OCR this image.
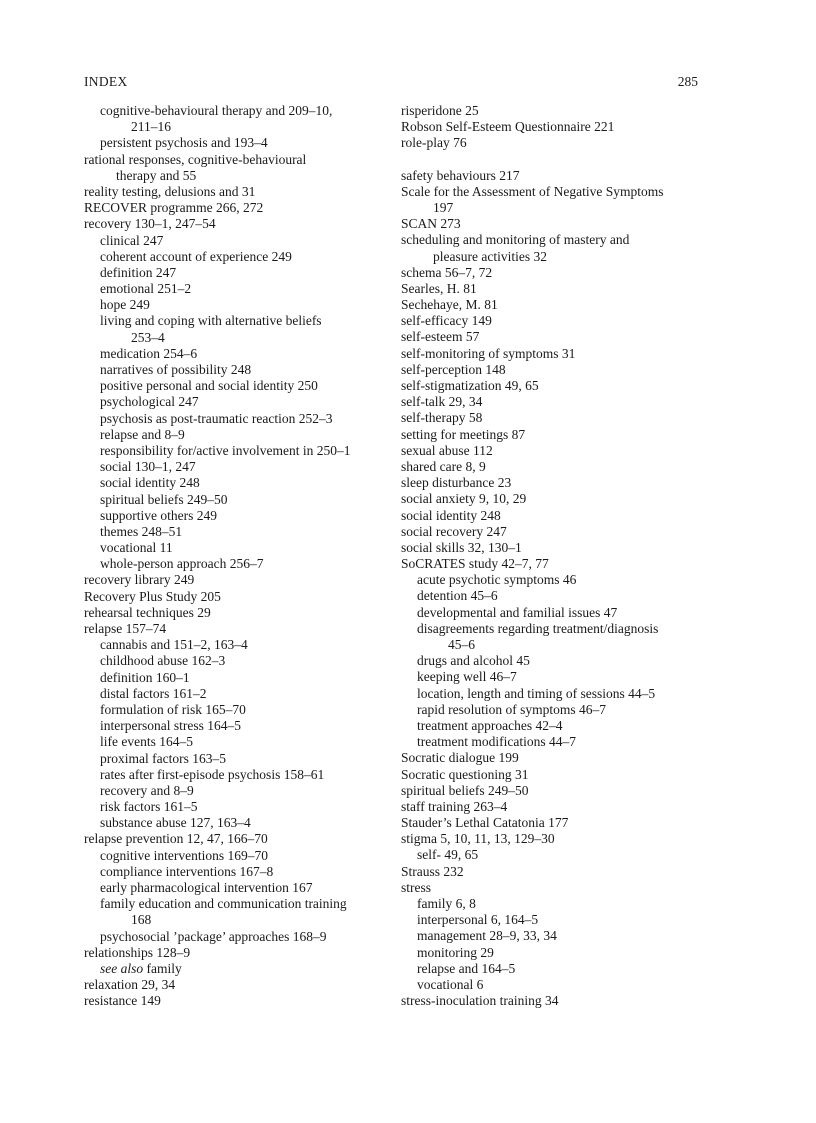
INDEX	285
cognitive-behavioural therapy and 209–10,
211–16
persistent psychosis and 193–4
rational responses, cognitive-behavioural
therapy and 55
reality testing, delusions and 31
RECOVER programme 266, 272
recovery 130–1, 247–54
clinical 247
coherent account of experience 249
definition 247
emotional 251–2
hope 249
living and coping with alternative beliefs
253–4
medication 254–6
narratives of possibility 248
positive personal and social identity 250
psychological 247
psychosis as post-traumatic reaction 252–3
relapse and 8–9
responsibility for/active involvement in 250–1
social 130–1, 247
social identity 248
spiritual beliefs 249–50
supportive others 249
themes 248–51
vocational 11
whole-person approach 256–7
recovery library 249
Recovery Plus Study 205
rehearsal techniques 29
relapse 157–74
cannabis and 151–2, 163–4
childhood abuse 162–3
definition 160–1
distal factors 161–2
formulation of risk 165–70
interpersonal stress 164–5
life events 164–5
proximal factors 163–5
rates after first-episode psychosis 158–61
recovery and 8–9
risk factors 161–5
substance abuse 127, 163–4
relapse prevention 12, 47, 166–70
cognitive interventions 169–70
compliance interventions 167–8
early pharmacological intervention 167
family education and communication training
168
psychosocial ’package’ approaches 168–9
relationships 128–9
see also family
relaxation 29, 34
resistance 149
risperidone 25
Robson Self-Esteem Questionnaire 221
role-play 76
safety behaviours 217
Scale for the Assessment of Negative Symptoms
197
SCAN 273
scheduling and monitoring of mastery and
pleasure activities 32
schema 56–7, 72
Searles, H. 81
Sechehaye, M. 81
self-efficacy 149
self-esteem 57
self-monitoring of symptoms 31
self-perception 148
self-stigmatization 49, 65
self-talk 29, 34
self-therapy 58
setting for meetings 87
sexual abuse 112
shared care 8, 9
sleep disturbance 23
social anxiety 9, 10, 29
social identity 248
social recovery 247
social skills 32, 130–1
SoCRATES study 42–7, 77
acute psychotic symptoms 46
detention 45–6
developmental and familial issues 47
disagreements regarding treatment/diagnosis
45–6
drugs and alcohol 45
keeping well 46–7
location, length and timing of sessions 44–5
rapid resolution of symptoms 46–7
treatment approaches 42–4
treatment modifications 44–7
Socratic dialogue 199
Socratic questioning 31
spiritual beliefs 249–50
staff training 263–4
Stauder’s Lethal Catatonia 177
stigma 5, 10, 11, 13, 129–30
self- 49, 65
Strauss 232
stress
family 6, 8
interpersonal 6, 164–5
management 28–9, 33, 34
monitoring 29
relapse and 164–5
vocational 6
stress-inoculation training 34
